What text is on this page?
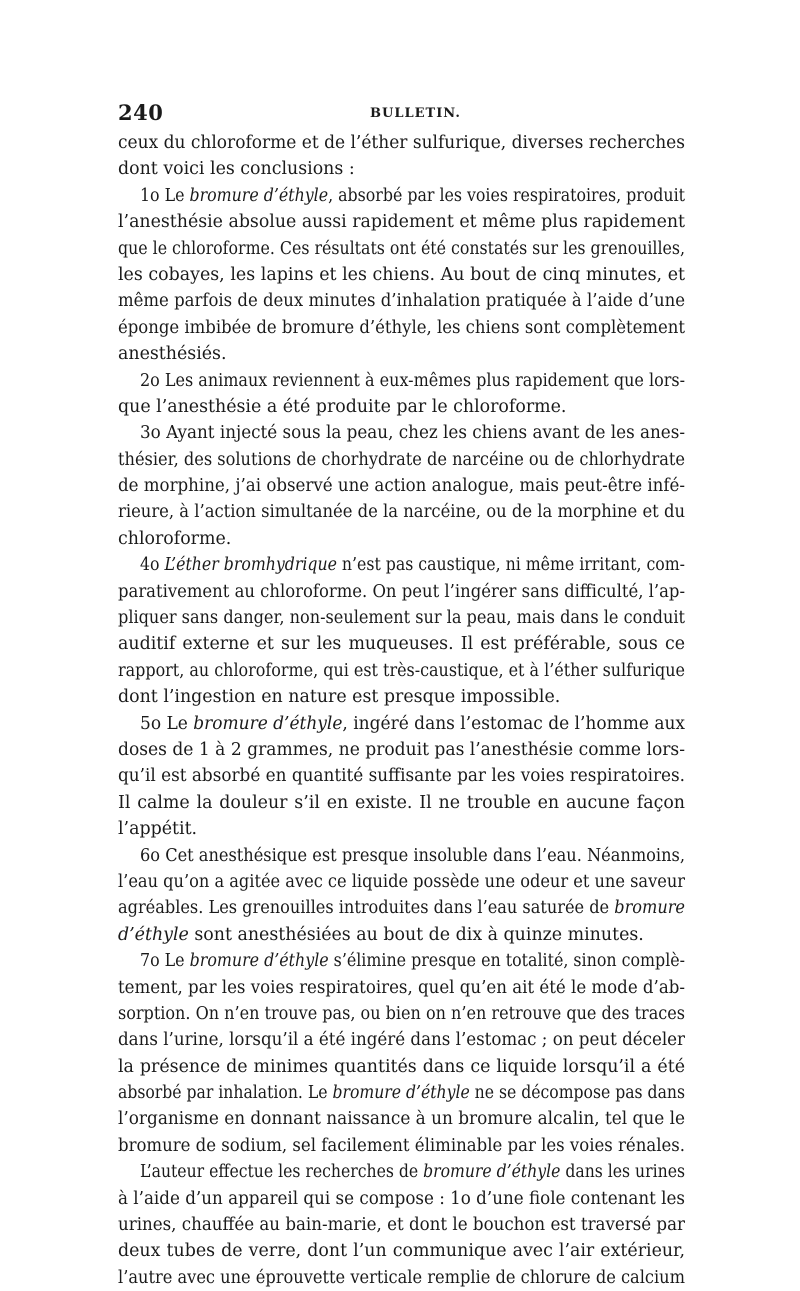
240	BULLETIN.
ceux du chloroforme et de l’éther sulfurique, diverses recherches
dont voici les conclusions :
1o Le bromure d’éthyle, absorbé par les voies respiratoires, produit
l’anesthésie absolue aussi rapidement et même plus rapidement
que le chloroforme. Ces résultats ont été constatés sur les grenouilles,
les cobayes, les lapins et les chiens. Au bout de cinq minutes, et
même parfois de deux minutes d’inhalation pratiquée à l’aide d’une
éponge imbibée de bromure d’éthyle, les chiens sont complètement
anesthésiés.
2o Les animaux reviennent à eux-mêmes plus rapidement que lors-
que l’anesthésie a été produite par le chloroforme.
3o Ayant injecté sous la peau, chez les chiens avant de les anes-
thésier, des solutions de chorhydrate de narcéine ou de chlorhydrate
de morphine, j’ai observé une action analogue, mais peut-être infé-
rieure, à l’action simultanée de la narcéine, ou de la morphine et du
chloroforme.
4o L’éther bromhydrique n’est pas caustique, ni même irritant, com-
parativement au chloroforme. On peut l’ingérer sans difficulté, l’ap-
pliquer sans danger, non-seulement sur la peau, mais dans le conduit
auditif externe et sur les muqueuses. Il est préférable, sous ce
rapport, au chloroforme, qui est très-caustique, et à l’éther sulfurique
dont l’ingestion en nature est presque impossible.
5o Le bromure d’éthyle, ingéré dans l’estomac de l’homme aux
doses de 1 à 2 grammes, ne produit pas l’anesthésie comme lors-
qu’il est absorbé en quantité suffisante par les voies respiratoires.
Il calme la douleur s’il en existe. Il ne trouble en aucune façon
l’appétit.
6o Cet anesthésique est presque insoluble dans l’eau. Néanmoins,
l’eau qu’on a agitée avec ce liquide possède une odeur et une saveur
agréables. Les grenouilles introduites dans l’eau saturée de bromure
d’éthyle sont anesthésiées au bout de dix à quinze minutes.
7o Le bromure d’éthyle s’élimine presque en totalité, sinon complè-
tement, par les voies respiratoires, quel qu’en ait été le mode d’ab-
sorption. On n’en trouve pas, ou bien on n’en retrouve que des traces
dans l’urine, lorsqu’il a été ingéré dans l’estomac ; on peut déceler
la présence de minimes quantités dans ce liquide lorsqu’il a été
absorbé par inhalation. Le bromure d’éthyle ne se décompose pas dans
l’organisme en donnant naissance à un bromure alcalin, tel que le
bromure de sodium, sel facilement éliminable par les voies rénales.
L’auteur effectue les recherches de bromure d’éthyle dans les urines
à l’aide d’un appareil qui se compose : 1o d’une fiole contenant les
urines, chauffée au bain-marie, et dont le bouchon est traversé par
deux tubes de verre, dont l’un communique avec l’air extérieur,
l’autre avec une éprouvette verticale remplie de chlorure de calcium
